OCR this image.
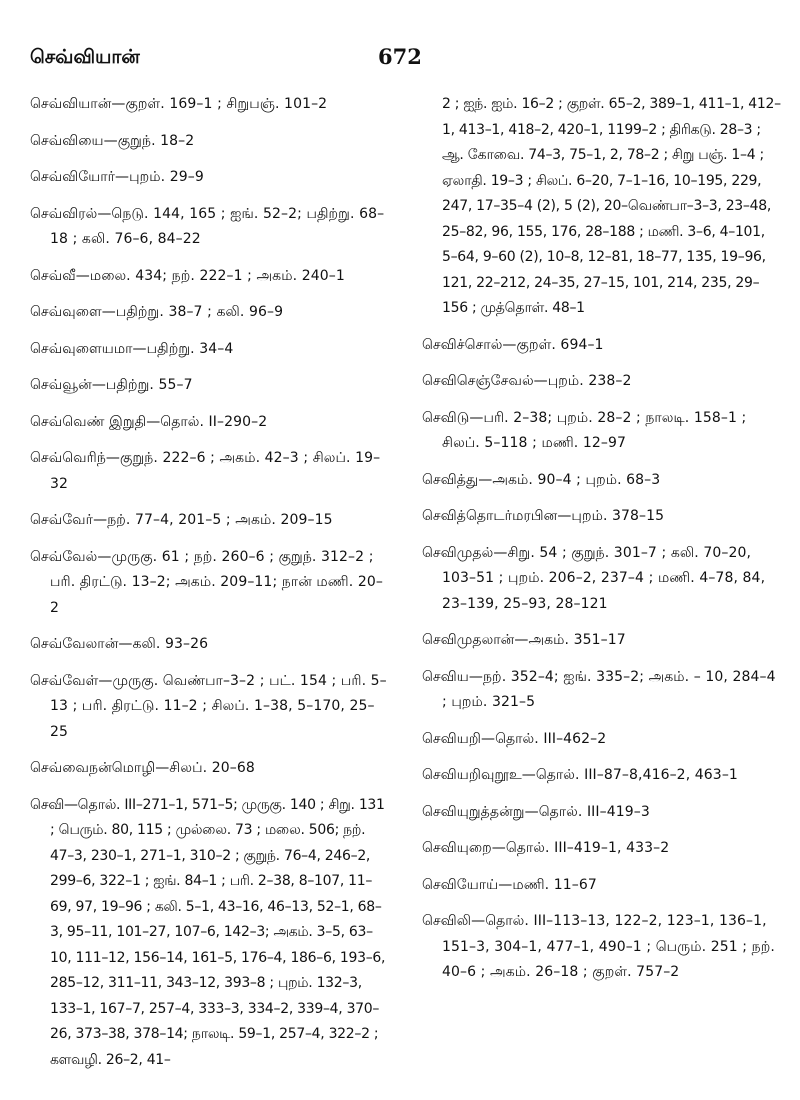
செவ்வியான்	672

செவ்வியான்—குறள். 169–1 ; சிறுபஞ். 101–2

செவ்வியை—குறுந். 18–2

செவ்வியோர்—புறம். 29–9

செவ்விரல்—நெடு. 144, 165 ; ஐங். 52–2; பதிற்று. 68–18 ; கலி. 76–6, 84–22

செவ்வீ—மலை. 434; நற். 222–1 ; அகம். 240–1

செவ்வுளை—பதிற்று. 38–7 ; கலி. 96–9

செவ்வுளையமா—பதிற்று. 34–4

செவ்வூன்—பதிற்று. 55–7

செவ்வெண் இறுதி—தொல். II–290–2

செவ்வெரிந்—குறுந். 222–6 ; அகம். 42–3 ; சிலப். 19–32

செவ்வேர்—நற். 77–4, 201–5 ; அகம். 209–15

செவ்வேல்—முருகு. 61 ; நற். 260–6 ; குறுந். 312–2 ; பரி. திரட்டு. 13–2; அகம். 209–11; நான் மணி. 20–2

செவ்வேலான்—கலி. 93–26

செவ்வேள்—முருகு. வெண்பா–3–2 ; பட். 154 ; பரி. 5–13 ; பரி. திரட்டு. 11–2 ; சிலப். 1–38, 5–170, 25–25

செவ்வைநன்மொழி—சிலப். 20–68

செவி—தொல். III–271–1, 571–5; முருகு. 140 ; சிறு. 131 ; பெரும். 80, 115 ; முல்லை. 73 ; மலை. 506; நற். 47–3, 230–1, 271–1, 310–2 ; குறுந். 76–4, 246–2, 299–6, 322–1 ; ஐங். 84–1 ; பரி. 2–38, 8–107, 11–69, 97, 19–96 ; கலி. 5–1, 43–16, 46–13, 52–1, 68–3, 95–11, 101–27, 107–6, 142–3; அகம். 3–5, 63–10, 111–12, 156–14, 161–5, 176–4, 186–6, 193–6, 285–12, 311–11, 343–12, 393–8 ; புறம். 132–3, 133–1, 167–7, 257–4, 333–3, 334–2, 339–4, 370–26, 373–38, 378–14; நாலடி. 59–1, 257–4, 322–2 ; களவழி. 26–2, 41–

2 ; ஐந். ஐம். 16–2 ; குறள். 65–2, 389–1, 411–1, 412–1, 413–1, 418–2, 420–1, 1199–2 ; திரிகடு. 28–3 ; ஆ. கோவை. 74–3, 75–1, 2, 78–2 ; சிறு பஞ். 1–4 ; ஏலாதி. 19–3 ; சிலப். 6–20, 7–1–16, 10–195, 229, 247, 17–35–4 (2), 5 (2), 20–வெண்பா–3–3, 23–48, 25–82, 96, 155, 176, 28–188 ; மணி. 3–6, 4–101, 5–64, 9–60 (2), 10–8, 12–81, 18–77, 135, 19–96, 121, 22–212, 24–35, 27–15, 101, 214, 235, 29–156 ; முத்தொள். 48–1

செவிச்சொல்—குறள். 694–1

செவிசெஞ்சேவல்—புறம். 238–2

செவிடு—பரி. 2–38; புறம். 28–2 ; நாலடி. 158–1 ; சிலப். 5–118 ; மணி. 12–97

செவித்து—அகம். 90–4 ; புறம். 68–3

செவித்தொடர்மரபின—புறம். 378–15

செவிமுதல்—சிறு. 54 ; குறுந். 301–7 ; கலி. 70–20, 103–51 ; புறம். 206–2, 237–4 ; மணி. 4–78, 84, 23–139, 25–93, 28–121

செவிமுதலான்—அகம். 351–17

செவிய—நற். 352–4; ஐங். 335–2; அகம். – 10, 284–4 ; புறம். 321–5

செவியறி—தொல். III–462–2

செவியறிவுறூஉ—தொல். III–87–8,416–2, 463–1

செவியுறுத்தன்று—தொல். III–419–3

செவியுறை—தொல். III–419–1, 433–2

செவியோய்—மணி. 11–67

செவிலி—தொல். III–113–13, 122–2, 123–1, 136–1, 151–3, 304–1, 477–1, 490–1 ; பெரும். 251 ; நற். 40–6 ; அகம். 26–18 ; குறள். 757–2
